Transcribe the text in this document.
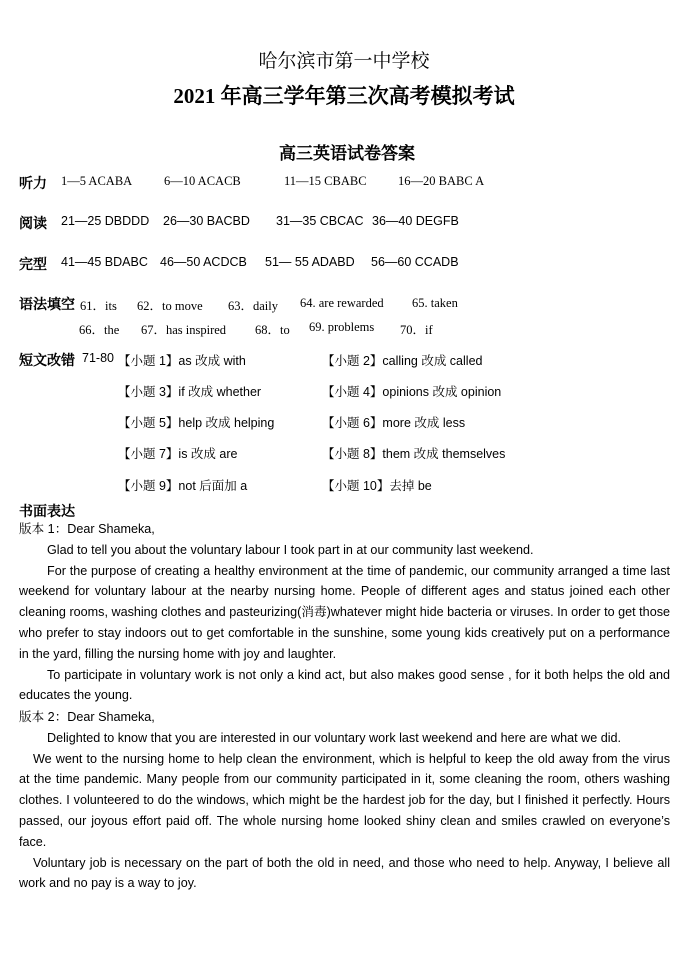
哈尔滨市第一中学校
2021 年高三学年第三次高考模拟考试
高三英语试卷答案
听力 1—5 ACABA	6—10 ACACB	11—15 CBABC	16—20 BABC A
阅读 21—25 DBDDD 26—30 BACBD 31—35 CBCAC 36—40 DEGFB
完型 41—45 BDABC 46—50 ACDCB 51— 55 ADABD 56—60 CCADB
语法填空 61．its 62．to move 63．daily 64. are rewarded 65. taken
66．the 67．has inspired 68．to 69. problems 70．if
短文改错 71-80 【小题 1】as 改成 with	【小题 2】calling 改成 called
【小题 3】if 改成 whether	【小题 4】opinions 改成 opinion
【小题 5】help 改成 helping	【小题 6】more 改成 less
【小题 7】is 改成 are	【小题 8】them 改成 themselves
【小题 9】not 后面加 a	【小题 10】去掉 be
书面表达

版本 1：Dear Shameka,

Glad to tell you about the voluntary labour I took part in at our community last weekend.

For the purpose of creating a healthy environment at the time of pandemic, our community arranged a time last weekend for voluntary labour at the nearby nursing home. People of different ages and status joined each other cleaning rooms, washing clothes and pasteurizing(消毒)whatever might hide bacteria or viruses. In order to get those who prefer to stay indoors out to get comfortable in the sunshine, some young kids creatively put on a performance in the yard, filling the nursing home with joy and laughter.

To participate in voluntary work is not only a kind act, but also makes good sense , for it both helps the old and educates the young.

版本 2：Dear Shameka,

Delighted to know that you are interested in our voluntary work last weekend and here are what we did.

We went to the nursing home to help clean the environment, which is helpful to keep the old away from the virus at the time pandemic. Many people from our community participated in it, some cleaning the room, others washing clothes. I volunteered to do the windows, which might be the hardest job for the day, but I finished it perfectly. Hours passed, our joyous effort paid off. The whole nursing home looked shiny clean and smiles crawled on everyone’s face.

Voluntary job is necessary on the part of both the old in need, and those who need to help. Anyway, I believe all work and no pay is a way to joy.
